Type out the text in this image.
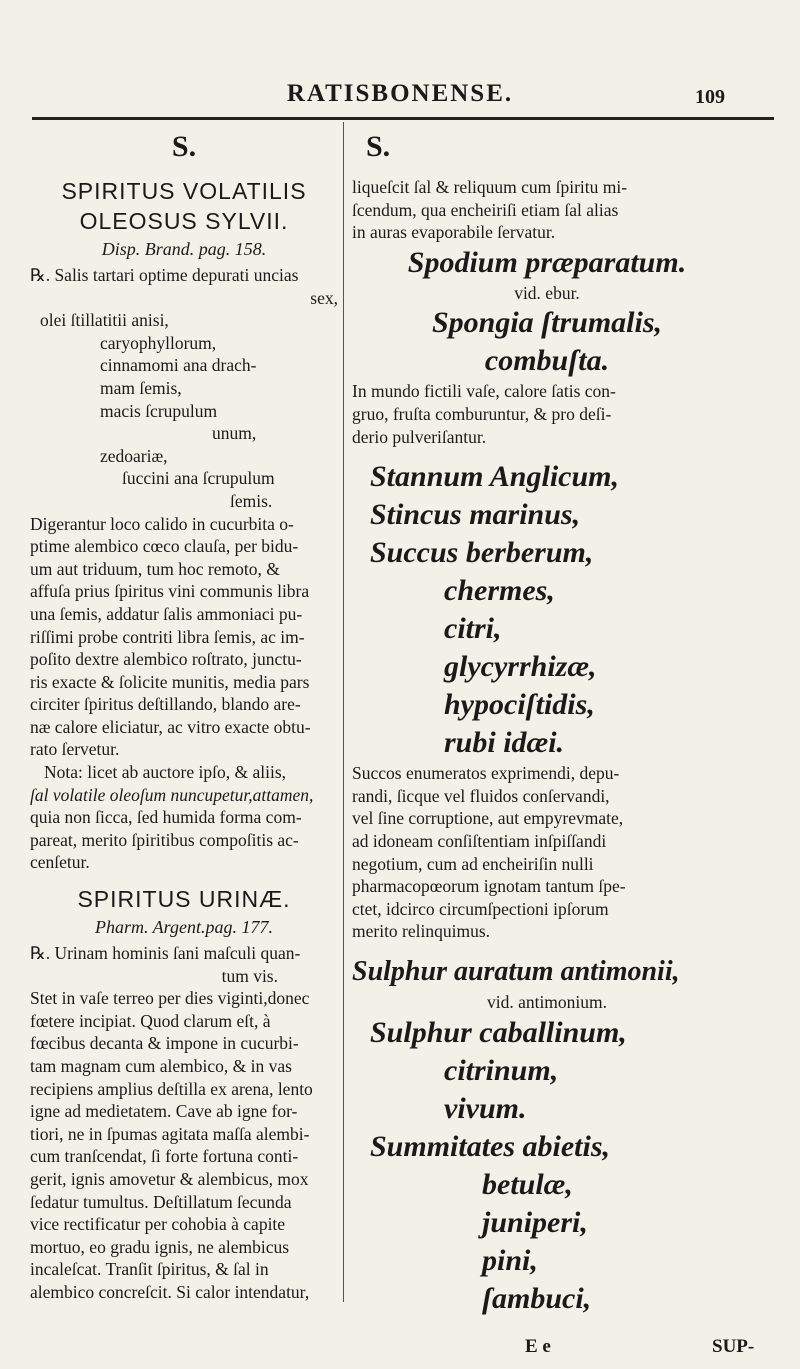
RATISBONENSE.	109
S.
SPIRITUS VOLATILIS
OLEOSUS SYLVII.
Disp. Brand. pag. 158.
℞. Salis tartari optime depurati uncias
sex,
olei ſtillatitii anisi,
caryophyllorum,
cinnamomi ana drach-
mam ſemis,
macis ſcrupulum
unum,
zedoariæ,
ſuccini ana ſcrupulum
ſemis.
Digerantur loco calido in cucurbita o-
ptime alembico cœco clauſa, per bidu-
um aut triduum, tum hoc remoto, &
affuſa prius ſpiritus vini communis libra
una ſemis, addatur ſalis ammoniaci pu-
riſſimi probe contriti libra ſemis, ac im-
poſito dextre alembico roſtrato, junctu-
ris exacte & ſolicite munitis, media pars
circiter ſpiritus deſtillando, blando are-
næ calore eliciatur, ac vitro exacte obtu-
rato ſervetur.
Nota: licet ab auctore ipſo, & aliis,
ſal volatile oleoſum nuncupetur,attamen,
quia non ſicca, ſed humida forma com-
pareat, merito ſpiritibus compoſitis ac-
cenſetur.
SPIRITUS URINÆ.
Pharm. Argent.pag. 177.
℞. Urinam hominis ſani maſculi quan-
tum vis.
Stet in vaſe terreo per dies viginti,donec
fœtere incipiat. Quod clarum eſt, à
fœcibus decanta & impone in cucurbi-
tam magnam cum alembico, & in vas
recipiens amplius deſtilla ex arena, lento
igne ad medietatem. Cave ab igne for-
tiori, ne in ſpumas agitata maſſa alembi-
cum tranſcendat, ſi forte fortuna conti-
gerit, ignis amovetur & alembicus, mox
ſedatur tumultus. Deſtillatum ſecunda
vice rectificatur per cohobia à capite
mortuo, eo gradu ignis, ne alembicus
incaleſcat. Tranſit ſpiritus, & ſal in
alembico concreſcit. Si calor intendatur,
S.
liqueſcit ſal & reliquum cum ſpiritu mi-
ſcendum, qua encheiriſi etiam ſal alias
in auras evaporabile ſervatur.
Spodium præparatum.
vid. ebur.
Spongia ſtrumalis,
combuſta.
In mundo fictili vaſe, calore ſatis con-
gruo, fruſta comburuntur, & pro deſi-
derio pulveriſantur.
Stannum Anglicum,
Stincus marinus,
Succus berberum,
chermes,
citri,
glycyrrhizæ,
hypociſtidis,
rubi idæi.
Succos enumeratos exprimendi, depu-
randi, ſicque vel fluidos conſervandi,
vel ſine corruptione, aut empyrevmate,
ad idoneam conſiſtentiam inſpiſſandi
negotium, cum ad encheiriſin nulli
pharmacopœorum ignotam tantum ſpe-
ctet, idcirco circumſpectioni ipſorum
merito relinquimus.
Sulphur auratum antimonii,
vid. antimonium.
Sulphur caballinum,
citrinum,
vivum.
Summitates abietis,
betulæ,
juniperi,
pini,
ſambuci,
E e	SUP-
